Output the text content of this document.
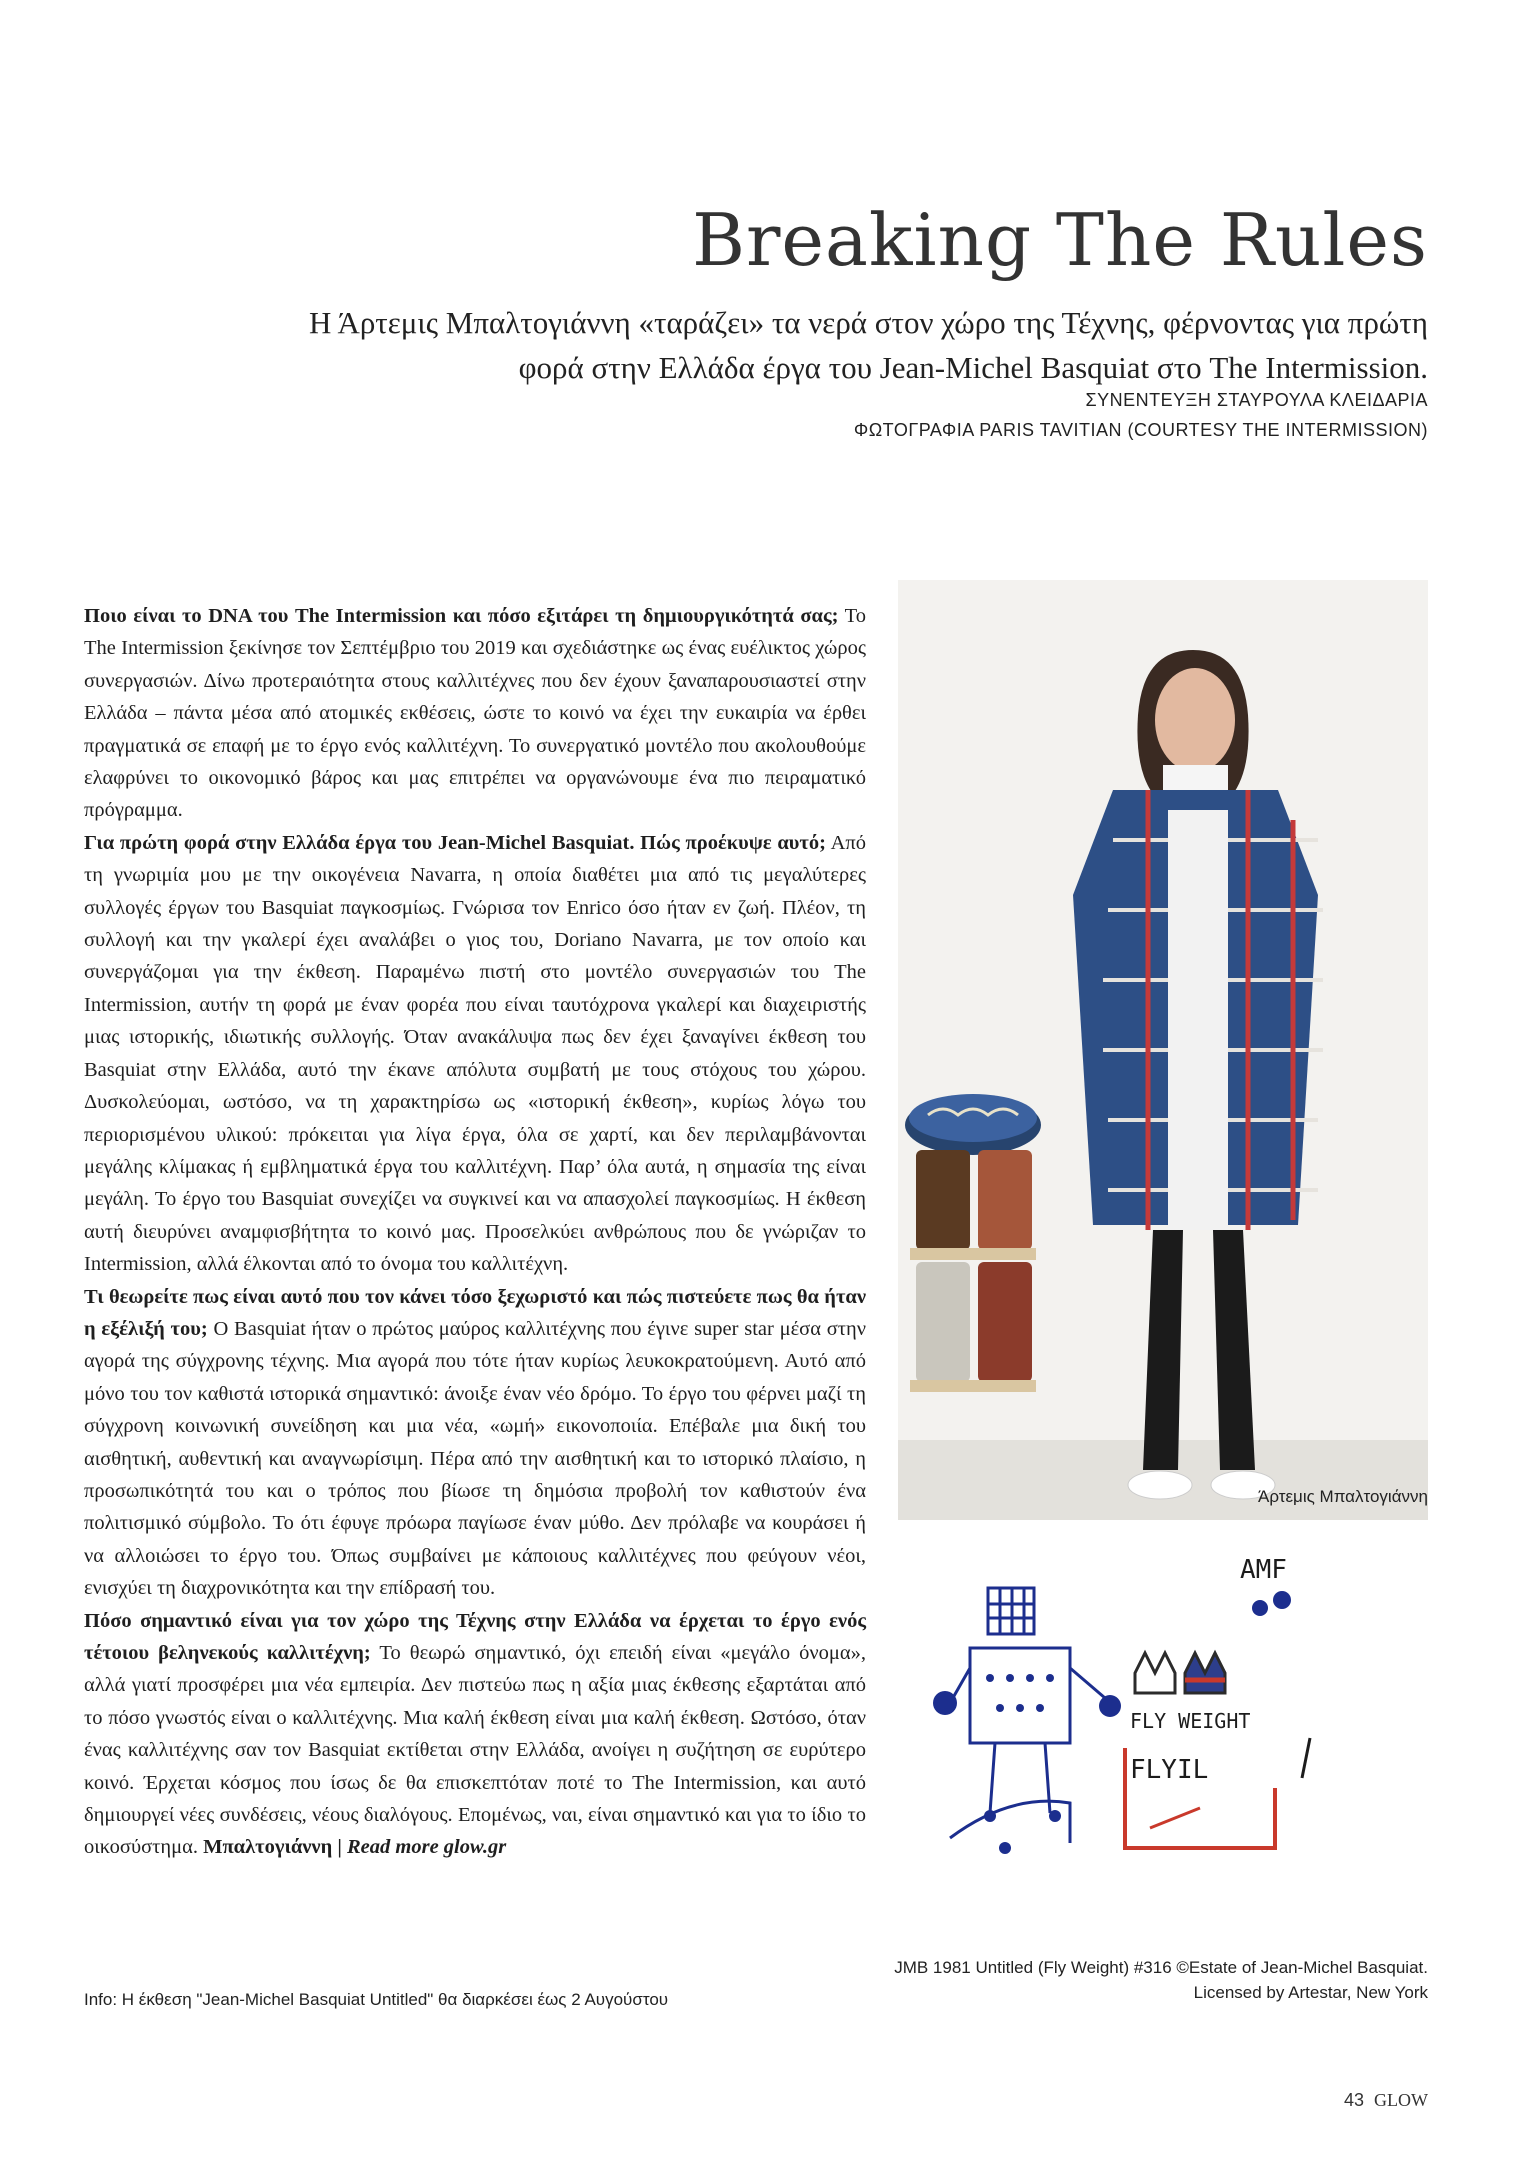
Breaking The Rules

Η Άρτεμις Μπαλτογιάννη «ταράζει» τα νερά στον χώρο της Τέχνης, φέρνοντας για πρώτη φορά στην Ελλάδα έργα του Jean-Michel Basquiat στο The Intermission.

ΣΥΝΕΝΤΕΥΞΗ ΣΤΑΥΡΟΥΛΑ ΚΛΕΙΔΑΡΙΑ
ΦΩΤΟΓΡΑΦΙΑ PARIS TAVITIAN (COURTESY THE INTERMISSION)

Ποιο είναι το DNA του The Intermission και πόσο εξιτάρει τη δημιουργικότητά σας; Το The Intermission ξεκίνησε τον Σεπτέμβριο του 2019 και σχεδιάστηκε ως ένας ευέλικτος χώρος συνεργασιών. Δίνω προτεραιότητα στους καλλιτέχνες που δεν έχουν ξαναπαρουσιαστεί στην Ελλάδα – πάντα μέσα από ατομικές εκθέσεις, ώστε το κοινό να έχει την ευκαιρία να έρθει πραγματικά σε επαφή με το έργο ενός καλλιτέχνη. Το συνεργατικό μοντέλο που ακολουθούμε ελαφρύνει το οικονομικό βάρος και μας επιτρέπει να οργανώνουμε ένα πιο πειραματικό πρόγραμμα.

Για πρώτη φορά στην Ελλάδα έργα του Jean-Michel Basquiat. Πώς προέκυψε αυτό; Από τη γνωριμία μου με την οικογένεια Navarra, η οποία διαθέτει μια από τις μεγαλύτερες συλλογές έργων του Basquiat παγκοσμίως. Γνώρισα τον Enrico όσο ήταν εν ζωή. Πλέον, τη συλλογή και την γκαλερί έχει αναλάβει ο γιος του, Doriano Navarra, με τον οποίο και συνεργάζομαι για την έκθεση. Παραμένω πιστή στο μοντέλο συνεργασιών του The Intermission, αυτήν τη φορά με έναν φορέα που είναι ταυτόχρονα γκαλερί και διαχειριστής μιας ιστορικής, ιδιωτικής συλλογής. Όταν ανακάλυψα πως δεν έχει ξαναγίνει έκθεση του Basquiat στην Ελλάδα, αυτό την έκανε απόλυτα συμβατή με τους στόχους του χώρου. Δυσκολεύομαι, ωστόσο, να τη χαρακτηρίσω ως «ιστορική έκθεση», κυρίως λόγω του περιορισμένου υλικού: πρόκειται για λίγα έργα, όλα σε χαρτί, και δεν περιλαμβάνονται μεγάλης κλίμακας ή εμβληματικά έργα του καλλιτέχνη. Παρ’ όλα αυτά, η σημασία της είναι μεγάλη. Το έργο του Basquiat συνεχίζει να συγκινεί και να απασχολεί παγκοσμίως. Η έκθεση αυτή διευρύνει αναμφισβήτητα το κοινό μας. Προσελκύει ανθρώπους που δε γνώριζαν το Intermission, αλλά έλκονται από το όνομα του καλλιτέχνη.

Τι θεωρείτε πως είναι αυτό που τον κάνει τόσο ξεχωριστό και πώς πιστεύετε πως θα ήταν η εξέλιξή του; Ο Basquiat ήταν ο πρώτος μαύρος καλλιτέχνης που έγινε super star μέσα στην αγορά της σύγχρονης τέχνης. Μια αγορά που τότε ήταν κυρίως λευκοκρατούμενη. Αυτό από μόνο του τον καθιστά ιστορικά σημαντικό: άνοιξε έναν νέο δρόμο. Το έργο του φέρνει μαζί τη σύγχρονη κοινωνική συνείδηση και μια νέα, «ωμή» εικονοποιία. Επέβαλε μια δική του αισθητική, αυθεντική και αναγνωρίσιμη. Πέρα από την αισθητική και το ιστορικό πλαίσιο, η προσωπικότητά του και ο τρόπος που βίωσε τη δημόσια προβολή τον καθιστούν ένα πολιτισμικό σύμβολο. Το ότι έφυγε πρόωρα παγίωσε έναν μύθο. Δεν πρόλαβε να κουράσει ή να αλλοιώσει το έργο του. Όπως συμβαίνει με κάποιους καλλιτέχνες που φεύγουν νέοι, ενισχύει τη διαχρονικότητα και την επίδρασή του.

Πόσο σημαντικό είναι για τον χώρο της Τέχνης στην Ελλάδα να έρχεται το έργο ενός τέτοιου βεληνεκούς καλλιτέχνη; Το θεωρώ σημαντικό, όχι επειδή είναι «μεγάλο όνομα», αλλά γιατί προσφέρει μια νέα εμπειρία. Δεν πιστεύω πως η αξία μιας έκθεσης εξαρτάται από το πόσο γνωστός είναι ο καλλιτέχνης. Μια καλή έκθεση είναι μια καλή έκθεση. Ωστόσο, όταν ένας καλλιτέχνης σαν τον Basquiat εκτίθεται στην Ελλάδα, ανοίγει η συζήτηση σε ευρύτερο κοινό. Έρχεται κόσμος που ίσως δε θα επισκεπτόταν ποτέ το The Intermission, και αυτό δημιουργεί νέες συνδέσεις, νέους διαλόγους. Επομένως, ναι, είναι σημαντικό και για το ίδιο το οικοσύστημα. Μπαλτογιάννη | Read more glow.gr

Info: Η έκθεση "Jean-Michel Basquiat Untitled" θα διαρκέσει έως 2 Αυγούστου
Άρτεμις Μπαλτογιάννη
AMF
FLY WEIGHT
FLYIL
JMB 1981 Untitled (Fly Weight) #316 ©Estate of Jean-Michel Basquiat. Licensed by Artestar, New York
43 GLOW
